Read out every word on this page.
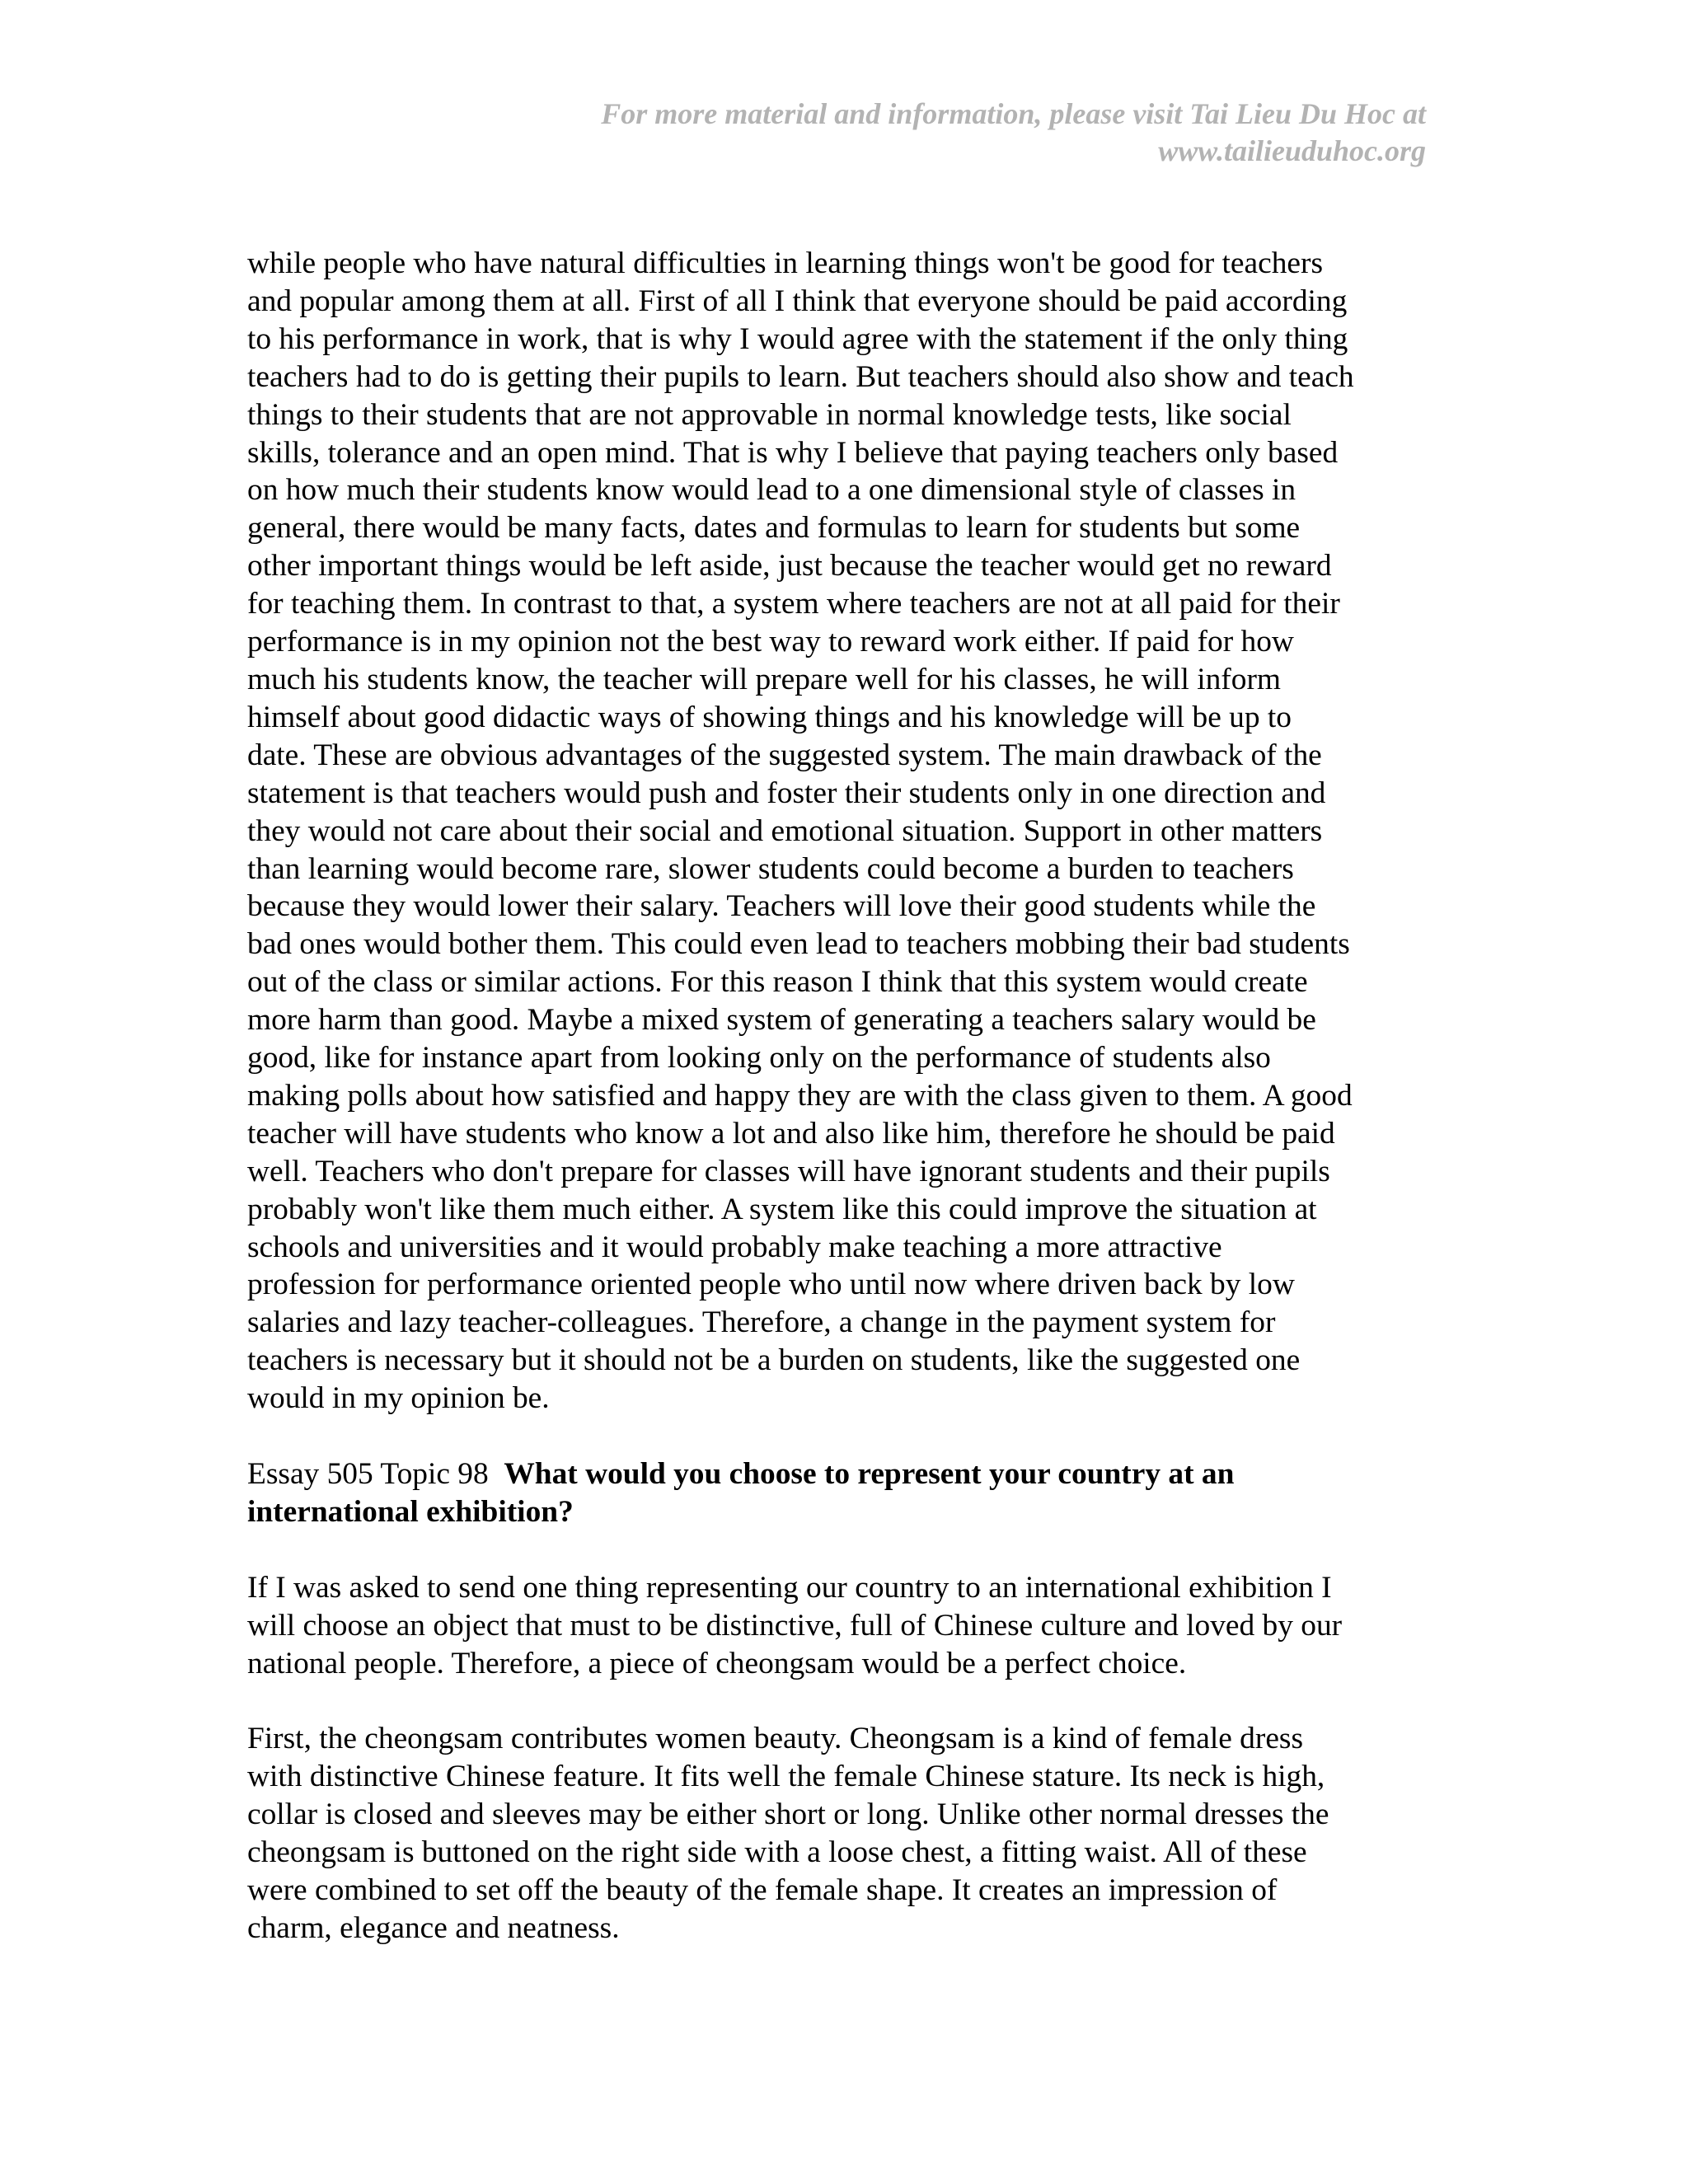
For more material and information, please visit Tai Lieu Du Hoc at
www.tailieuduhoc.org

while people who have natural difficulties in learning things won't be good for teachers
and popular among them at all. First of all I think that everyone should be paid according
to his performance in work, that is why I would agree with the statement if the only thing
teachers had to do is getting their pupils to learn. But teachers should also show and teach
things to their students that are not approvable in normal knowledge tests, like social
skills, tolerance and an open mind. That is why I believe that paying teachers only based
on how much their students know would lead to a one dimensional style of classes in
general, there would be many facts, dates and formulas to learn for students but some
other important things would be left aside, just because the teacher would get no reward
for teaching them. In contrast to that, a system where teachers are not at all paid for their
performance is in my opinion not the best way to reward work either. If paid for how
much his students know, the teacher will prepare well for his classes, he will inform
himself about good didactic ways of showing things and his knowledge will be up to
date. These are obvious advantages of the suggested system. The main drawback of the
statement is that teachers would push and foster their students only in one direction and
they would not care about their social and emotional situation. Support in other matters
than learning would become rare, slower students could become a burden to teachers
because they would lower their salary. Teachers will love their good students while the
bad ones would bother them. This could even lead to teachers mobbing their bad students
out of the class or similar actions. For this reason I think that this system would create
more harm than good. Maybe a mixed system of generating a teachers salary would be
good, like for instance apart from looking only on the performance of students also
making polls about how satisfied and happy they are with the class given to them. A good
teacher will have students who know a lot and also like him, therefore he should be paid
well. Teachers who don't prepare for classes will have ignorant students and their pupils
probably won't like them much either. A system like this could improve the situation at
schools and universities and it would probably make teaching a more attractive
profession for performance oriented people who until now where driven back by low
salaries and lazy teacher-colleagues. Therefore, a change in the payment system for
teachers is necessary but it should not be a burden on students, like the suggested one
would in my opinion be.

Essay 505 Topic 98 What would you choose to represent your country at an
international exhibition?

If I was asked to send one thing representing our country to an international exhibition I
will choose an object that must to be distinctive, full of Chinese culture and loved by our
national people. Therefore, a piece of cheongsam would be a perfect choice.

First, the cheongsam contributes women beauty. Cheongsam is a kind of female dress
with distinctive Chinese feature. It fits well the female Chinese stature. Its neck is high,
collar is closed and sleeves may be either short or long. Unlike other normal dresses the
cheongsam is buttoned on the right side with a loose chest, a fitting waist. All of these
were combined to set off the beauty of the female shape. It creates an impression of
charm, elegance and neatness.
